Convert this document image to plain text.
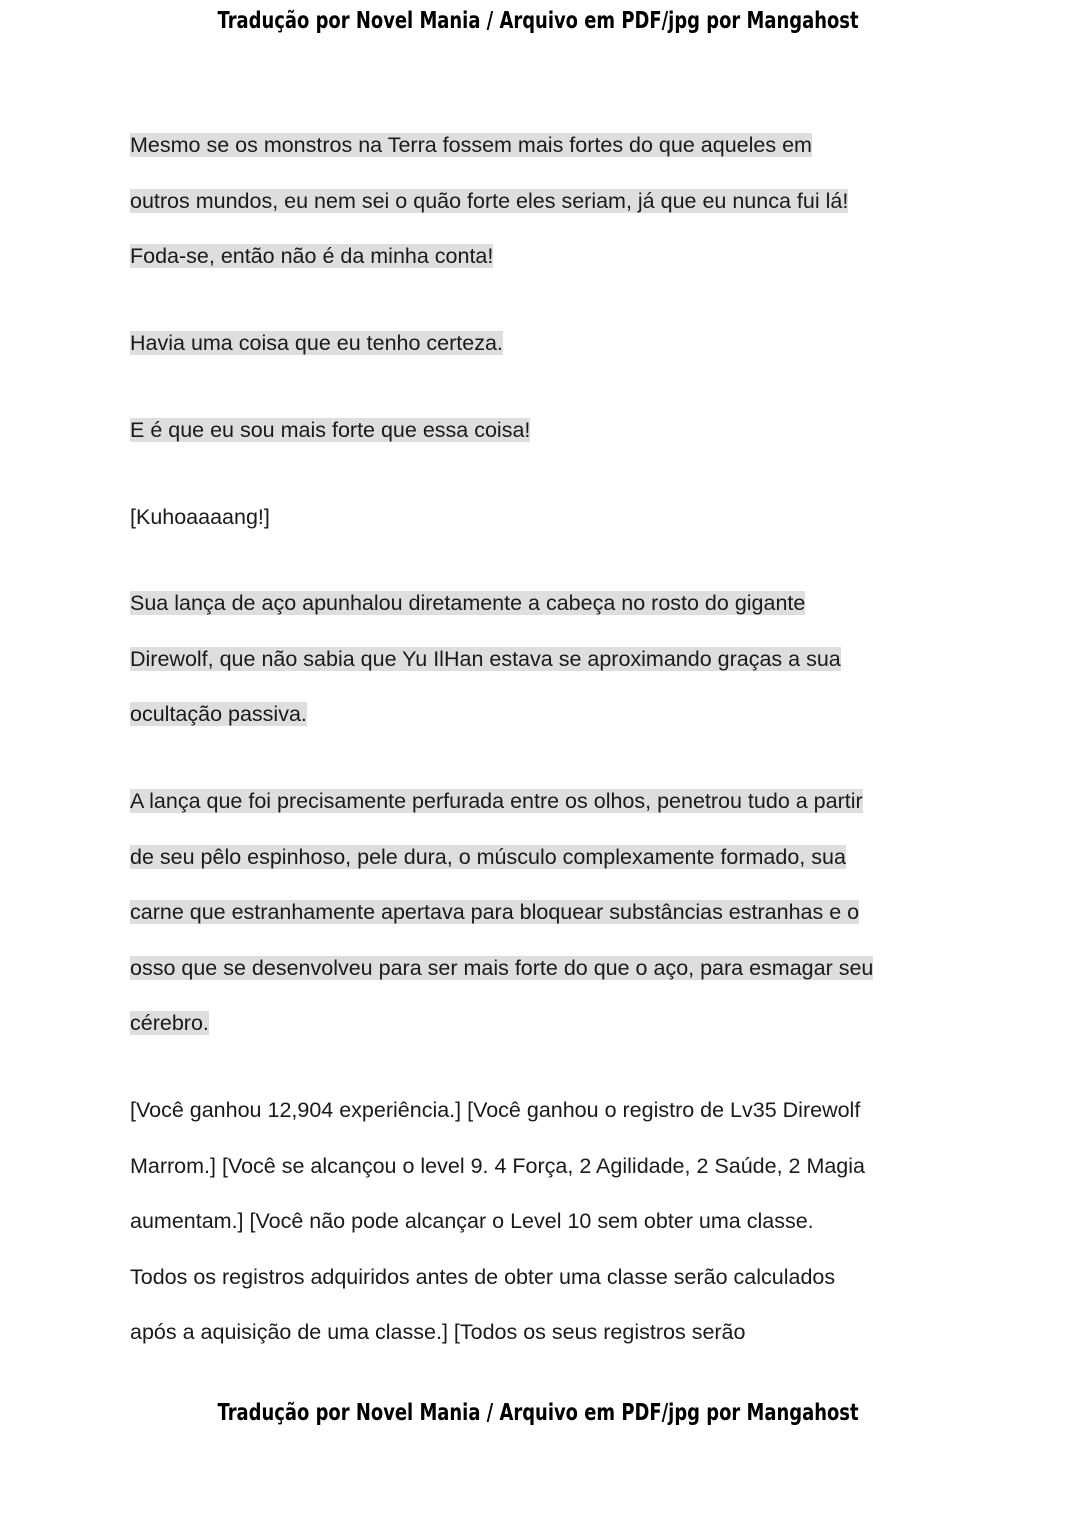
Tradução por Novel Mania / Arquivo em PDF/jpg por Mangahost
Mesmo se os monstros na Terra fossem mais fortes do que aqueles em
outros mundos, eu nem sei o quão forte eles seriam, já que eu nunca fui lá!
Foda-se, então não é da minha conta!
Havia uma coisa que eu tenho certeza.
E é que eu sou mais forte que essa coisa!
[Kuhoaaaang!]
Sua lança de aço apunhalou diretamente a cabeça no rosto do gigante
Direwolf, que não sabia que Yu IlHan estava se aproximando graças a sua
ocultação passiva.
A lança que foi precisamente perfurada entre os olhos, penetrou tudo a partir
de seu pêlo espinhoso, pele dura, o músculo complexamente formado, sua
carne que estranhamente apertava para bloquear substâncias estranhas e o
osso que se desenvolveu para ser mais forte do que o aço, para esmagar seu
cérebro.
[Você ganhou 12,904 experiência.] [Você ganhou o registro de Lv35 Direwolf
Marrom.] [Você se alcançou o level 9. 4 Força, 2 Agilidade, 2 Saúde, 2 Magia
aumentam.] [Você não pode alcançar o Level 10 sem obter uma classe.
Todos os registros adquiridos antes de obter uma classe serão calculados
após a aquisição de uma classe.] [Todos os seus registros serão
Tradução por Novel Mania / Arquivo em PDF/jpg por Mangahost
